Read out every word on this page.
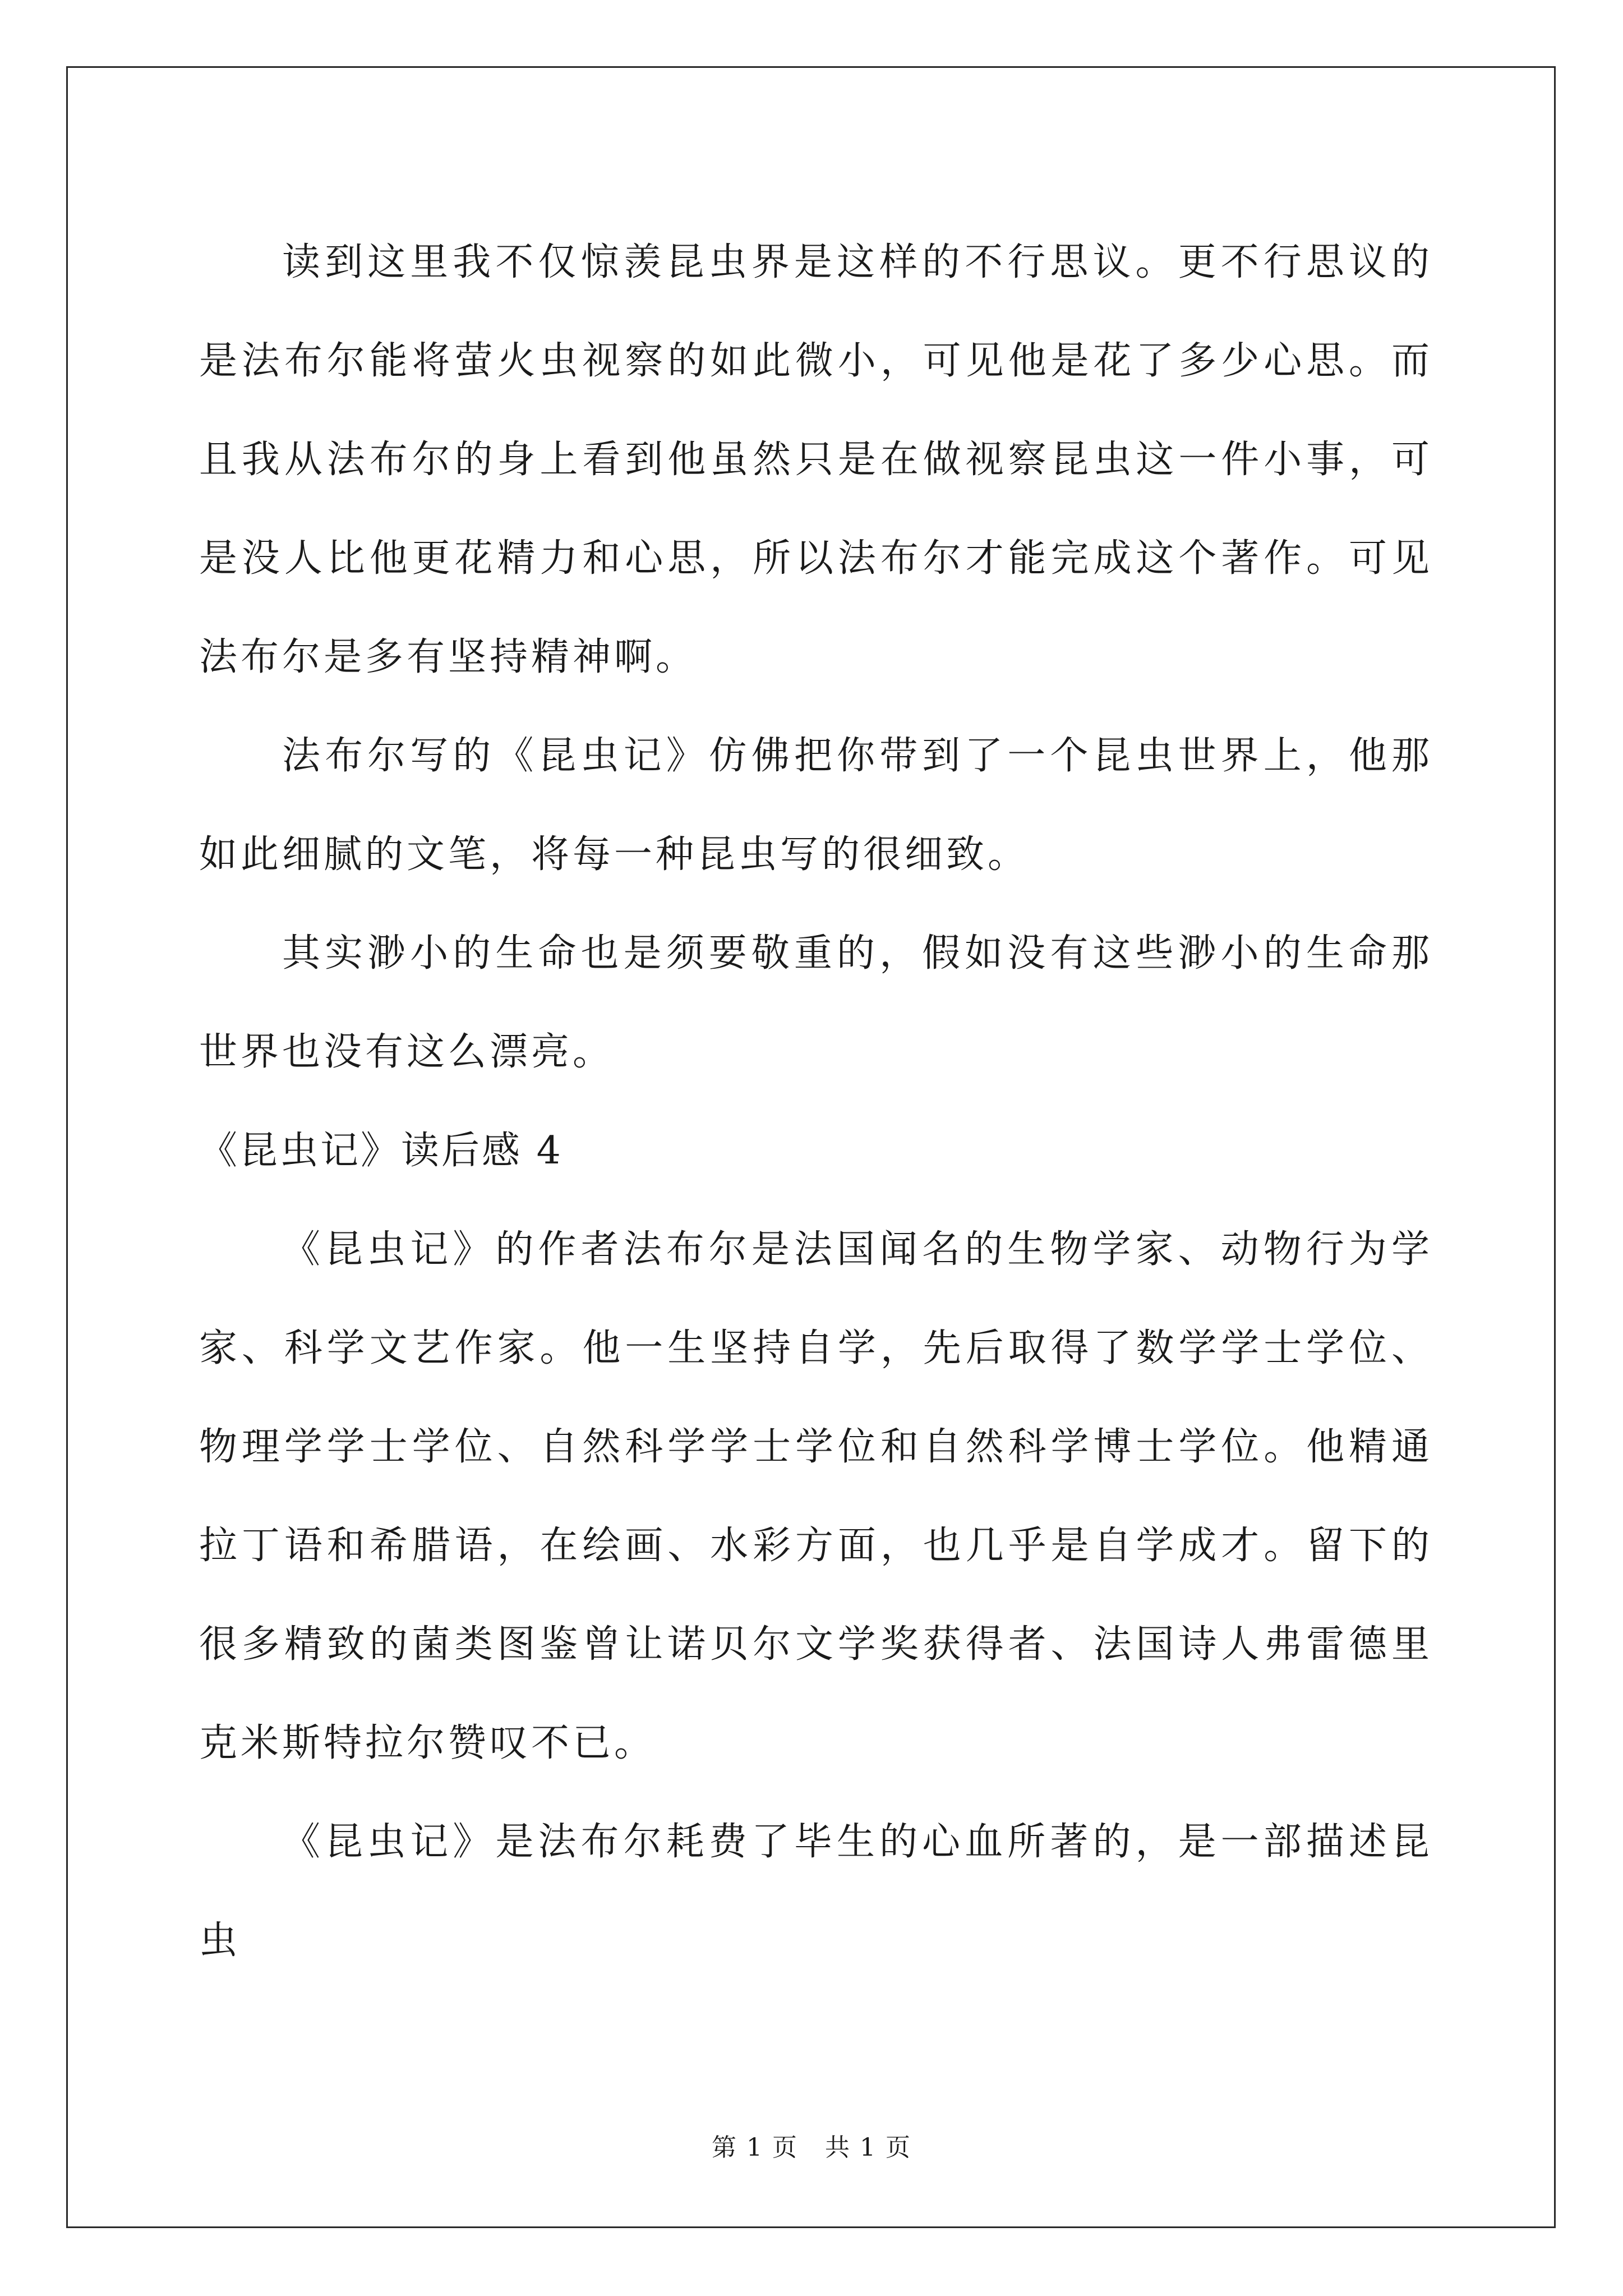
读到这里我不仅惊羡昆虫界是这样的不行思议。更不行思议的是法布尔能将萤火虫视察的如此微小，可见他是花了多少心思。而且我从法布尔的身上看到他虽然只是在做视察昆虫这一件小事，可是没人比他更花精力和心思，所以法布尔才能完成这个著作。可见法布尔是多有坚持精神啊。

法布尔写的《昆虫记》仿佛把你带到了一个昆虫世界上，他那如此细腻的文笔，将每一种昆虫写的很细致。

其实渺小的生命也是须要敬重的，假如没有这些渺小的生命那世界也没有这么漂亮。

《昆虫记》读后感 4

《昆虫记》的作者法布尔是法国闻名的生物学家、动物行为学家、科学文艺作家。他一生坚持自学，先后取得了数学学士学位、物理学学士学位、自然科学学士学位和自然科学博士学位。他精通拉丁语和希腊语，在绘画、水彩方面，也几乎是自学成才。留下的很多精致的菌类图鉴曾让诺贝尔文学奖获得者、法国诗人弗雷德里克米斯特拉尔赞叹不已。

《昆虫记》是法布尔耗费了毕生的心血所著的，是一部描述昆虫

第 1 页 共 1 页
